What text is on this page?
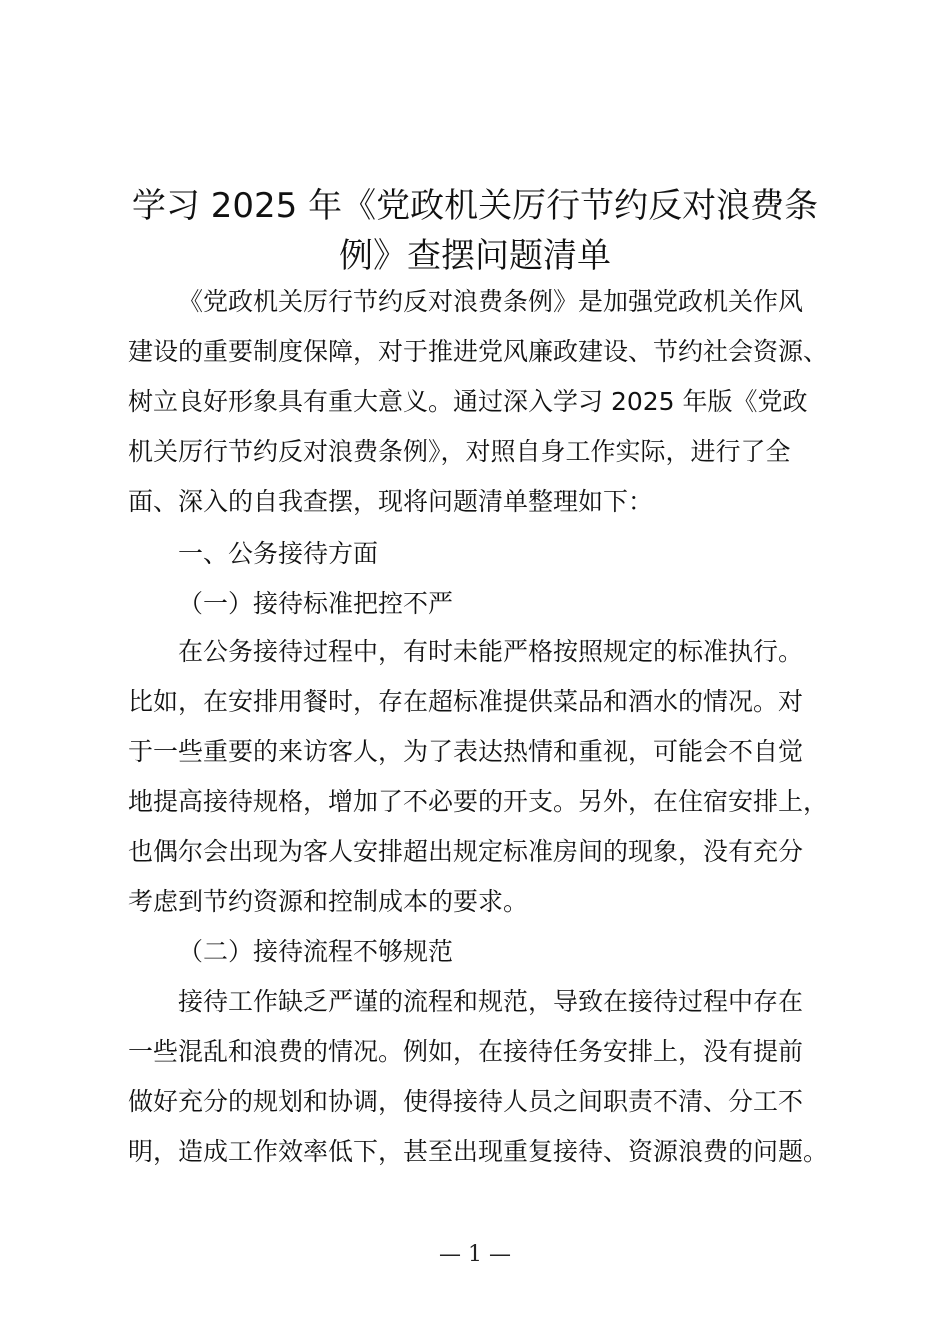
学习 2025 年《党政机关厉行节约反对浪费条
例》查摆问题清单
《党政机关厉行节约反对浪费条例》是加强党政机关作风
建设的重要制度保障，对于推进党风廉政建设、节约社会资源、
树立良好形象具有重大意义。通过深入学习 2025 年版《党政
机关厉行节约反对浪费条例》，对照自身工作实际，进行了全
面、深入的自我查摆，现将问题清单整理如下：
一、公务接待方面
（一）接待标准把控不严
在公务接待过程中，有时未能严格按照规定的标准执行。
比如，在安排用餐时，存在超标准提供菜品和酒水的情况。对
于一些重要的来访客人，为了表达热情和重视，可能会不自觉
地提高接待规格，增加了不必要的开支。另外，在住宿安排上，
也偶尔会出现为客人安排超出规定标准房间的现象，没有充分
考虑到节约资源和控制成本的要求。
（二）接待流程不够规范
接待工作缺乏严谨的流程和规范，导致在接待过程中存在
一些混乱和浪费的情况。例如，在接待任务安排上，没有提前
做好充分的规划和协调，使得接待人员之间职责不清、分工不
明，造成工作效率低下，甚至出现重复接待、资源浪费的问题。
— 1 —
